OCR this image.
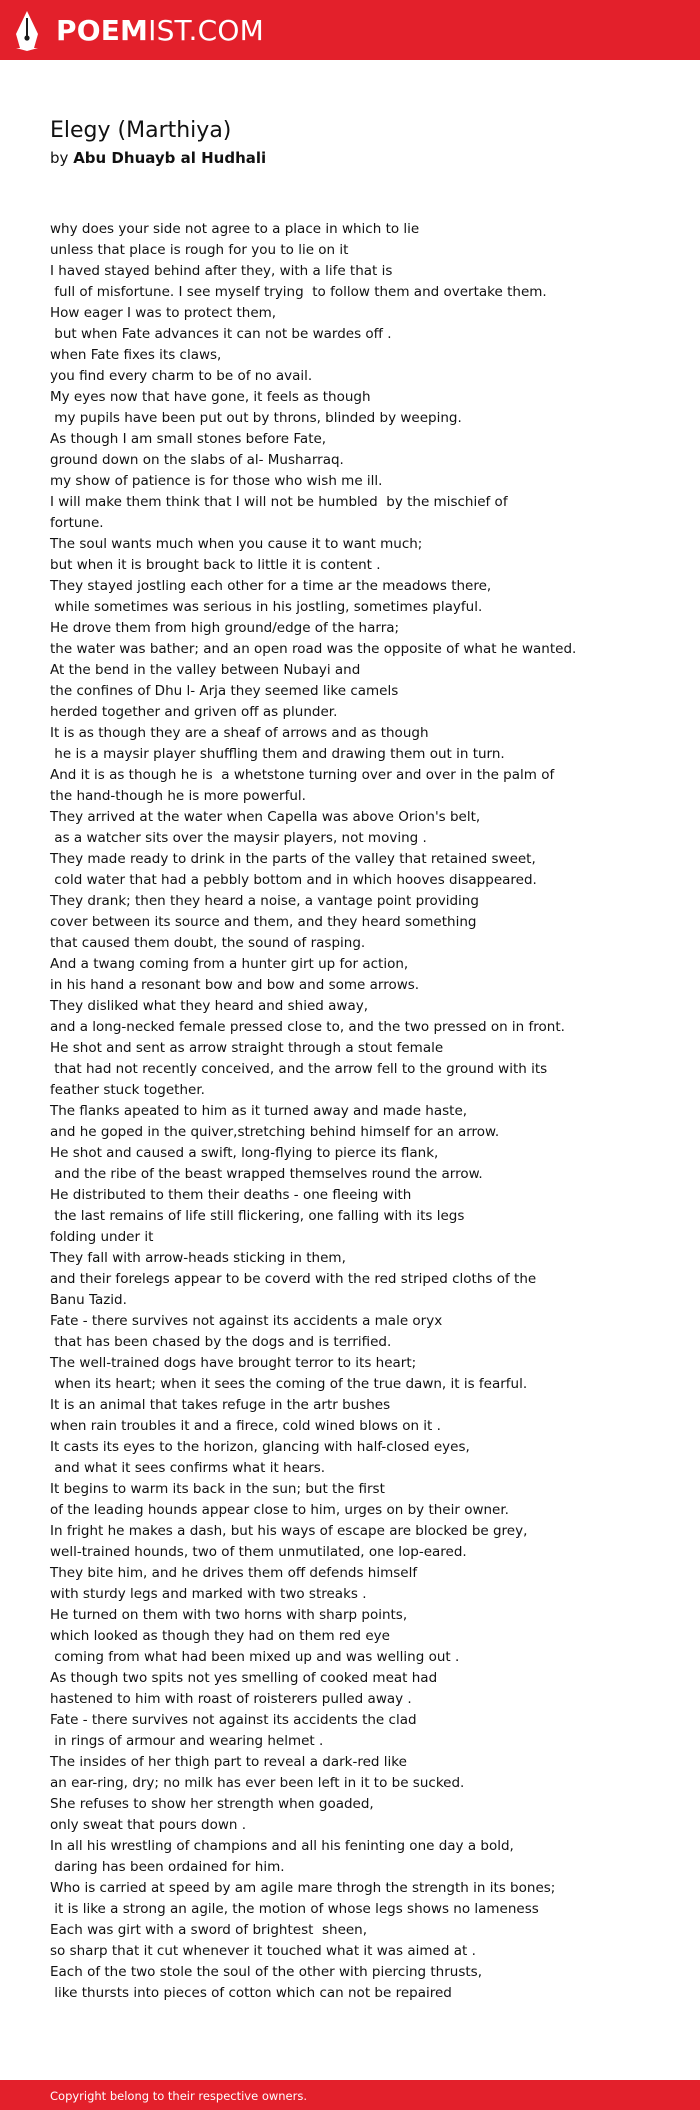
POEMIST.COM
Elegy (Marthiya)
by Abu Dhuayb al Hudhali
why does your side not agree to a place in which to lie
unless that place is rough for you to lie on it
I haved stayed behind after they, with a life that is
full of misfortune. I see myself trying  to follow them and overtake them.
How eager I was to protect them,
but when Fate advances it can not be wardes off .
when Fate fixes its claws,
you find every charm to be of no avail.
My eyes now that have gone, it feels as though
my pupils have been put out by throns, blinded by weeping.
As though I am small stones before Fate,
ground down on the slabs of al- Musharraq.
my show of patience is for those who wish me ill.
I will make them think that I will not be humbled  by the mischief of
fortune.
The soul wants much when you cause it to want much;
but when it is brought back to little it is content .
They stayed jostling each other for a time ar the meadows there,
while sometimes was serious in his jostling, sometimes playful.
He drove them from high ground/edge of the harra;
the water was bather; and an open road was the opposite of what he wanted.
At the bend in the valley between Nubayi and
the confines of Dhu l- Arja they seemed like camels
herded together and griven off as plunder.
It is as though they are a sheaf of arrows and as though
he is a maysir player shuffling them and drawing them out in turn.
And it is as though he is  a whetstone turning over and over in the palm of
the hand-though he is more powerful.
They arrived at the water when Capella was above Orion's belt,
as a watcher sits over the maysir players, not moving .
They made ready to drink in the parts of the valley that retained sweet,
cold water that had a pebbly bottom and in which hooves disappeared.
They drank; then they heard a noise, a vantage point providing
cover between its source and them, and they heard something
that caused them doubt, the sound of rasping.
And a twang coming from a hunter girt up for action,
in his hand a resonant bow and bow and some arrows.
They disliked what they heard and shied away,
and a long-necked female pressed close to, and the two pressed on in front.
He shot and sent as arrow straight through a stout female
that had not recently conceived, and the arrow fell to the ground with its
feather stuck together.
The flanks apeated to him as it turned away and made haste,
and he goped in the quiver,stretching behind himself for an arrow.
He shot and caused a swift, long-flying to pierce its flank,
and the ribe of the beast wrapped themselves round the arrow.
He distributed to them their deaths - one fleeing with
the last remains of life still flickering, one falling with its legs
folding under it
They fall with arrow-heads sticking in them,
and their forelegs appear to be coverd with the red striped cloths of the
Banu Tazid.
Fate - there survives not against its accidents a male oryx
that has been chased by the dogs and is terrified.
The well-trained dogs have brought terror to its heart;
when its heart; when it sees the coming of the true dawn, it is fearful.
It is an animal that takes refuge in the artr bushes
when rain troubles it and a firece, cold wined blows on it .
It casts its eyes to the horizon, glancing with half-closed eyes,
and what it sees confirms what it hears.
It begins to warm its back in the sun; but the first
of the leading hounds appear close to him, urges on by their owner.
In fright he makes a dash, but his ways of escape are blocked be grey,
well-trained hounds, two of them unmutilated, one lop-eared.
They bite him, and he drives them off defends himself
with sturdy legs and marked with two streaks .
He turned on them with two horns with sharp points,
which looked as though they had on them red eye
coming from what had been mixed up and was welling out .
As though two spits not yes smelling of cooked meat had
hastened to him with roast of roisterers pulled away .
Fate - there survives not against its accidents the clad
in rings of armour and wearing helmet .
The insides of her thigh part to reveal a dark-red like
an ear-ring, dry; no milk has ever been left in it to be sucked.
She refuses to show her strength when goaded,
only sweat that pours down .
In all his wrestling of champions and all his feninting one day a bold,
daring has been ordained for him.
Who is carried at speed by am agile mare throgh the strength in its bones;
it is like a strong an agile, the motion of whose legs shows no lameness
Each was girt with a sword of brightest  sheen,
so sharp that it cut whenever it touched what it was aimed at .
Each of the two stole the soul of the other with piercing thrusts,
like thursts into pieces of cotton which can not be repaired
Copyright belong to their respective owners.
